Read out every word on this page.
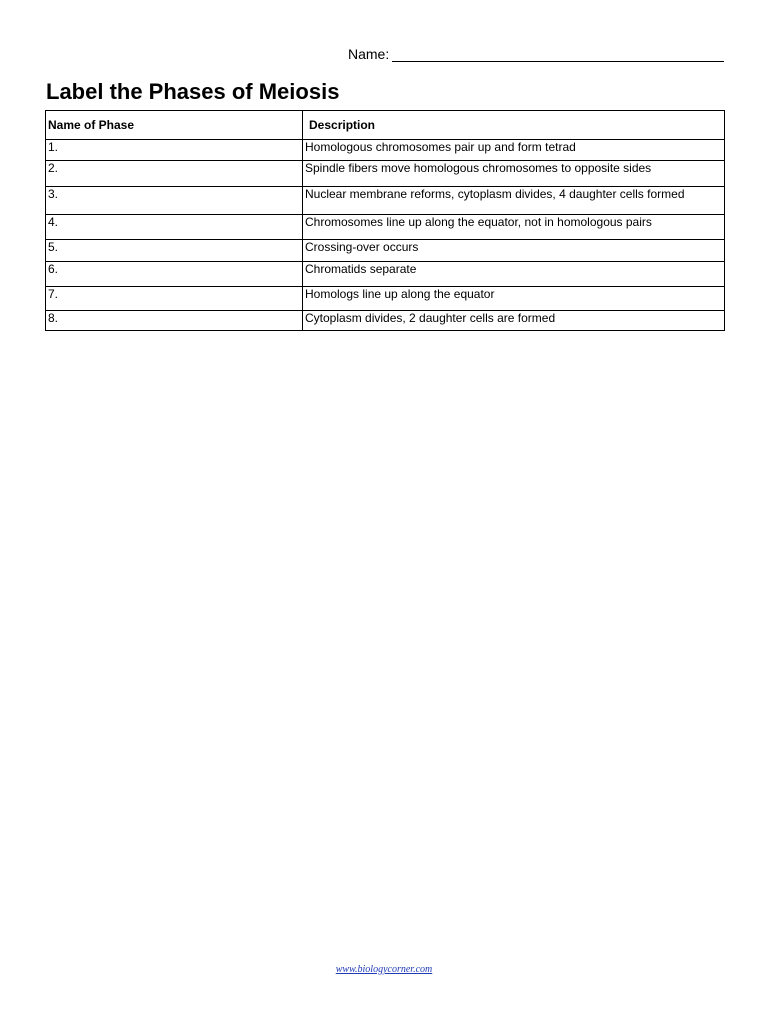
Name:
Label the Phases of Meiosis
Name of Phase	Description
1.	Homologous chromosomes pair up and form tetrad
2.	Spindle fibers move homologous chromosomes to opposite sides
3.	Nuclear membrane reforms, cytoplasm divides, 4 daughter cells formed
4.	Chromosomes line up along the equator, not in homologous pairs
5.	Crossing-over occurs
6.	Chromatids separate
7.	Homologs line up along the equator
8.	Cytoplasm divides, 2 daughter cells are formed
www.biologycorner.com
